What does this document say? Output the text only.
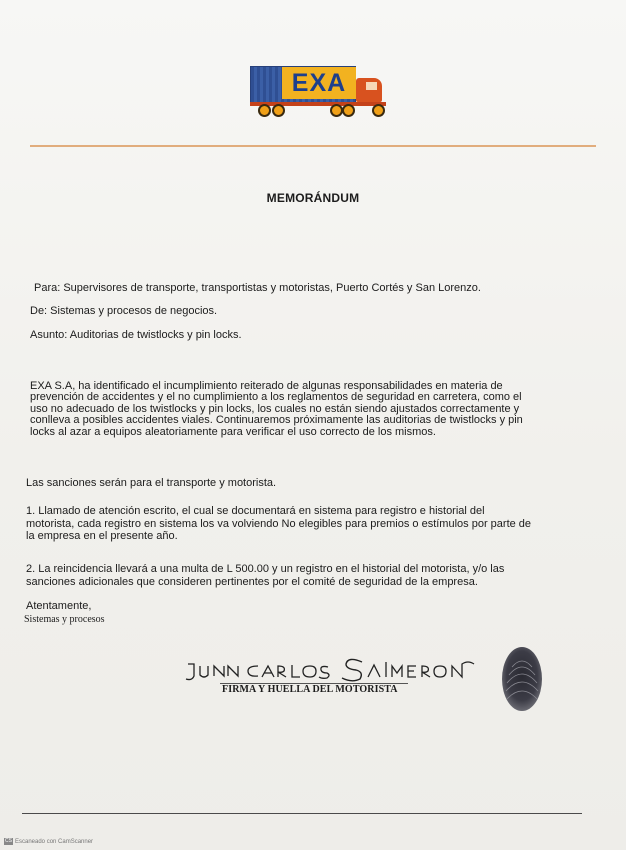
EXA
MEMORÁNDUM
Para: Supervisores de transporte, transportistas y motoristas, Puerto Cortés y San Lorenzo.
De: Sistemas y procesos de negocios.
Asunto: Auditorias de twistlocks y pin locks.
EXA S.A, ha identificado el incumplimiento reiterado de algunas responsabilidades en materia de
prevención de accidentes y el no cumplimiento a los reglamentos de seguridad en carretera, como el
uso no adecuado de los twistlocks y pin locks, los cuales no están siendo ajustados correctamente y
conlleva a posibles accidentes viales. Continuaremos próximamente las auditorias de twistlocks y pin
locks al azar a equipos aleatoriamente para verificar el uso correcto de los mismos.
Las sanciones serán para el transporte y motorista.
1. Llamado de atención escrito, el cual se documentará en sistema para registro e historial del
motorista, cada registro en sistema los va volviendo No elegibles para premios o estímulos por parte de
la empresa en el presente año.
2. La reincidencia llevará a una multa de L 500.00 y un registro en el historial del motorista, y/o las
sanciones adicionales que consideren pertinentes por el comité de seguridad de la empresa.
Atentamente,
Sistemas y procesos
Juan Carlos Salmerón FIRMA Y HUELLA DEL MOTORISTA
CS Escaneado con CamScanner
